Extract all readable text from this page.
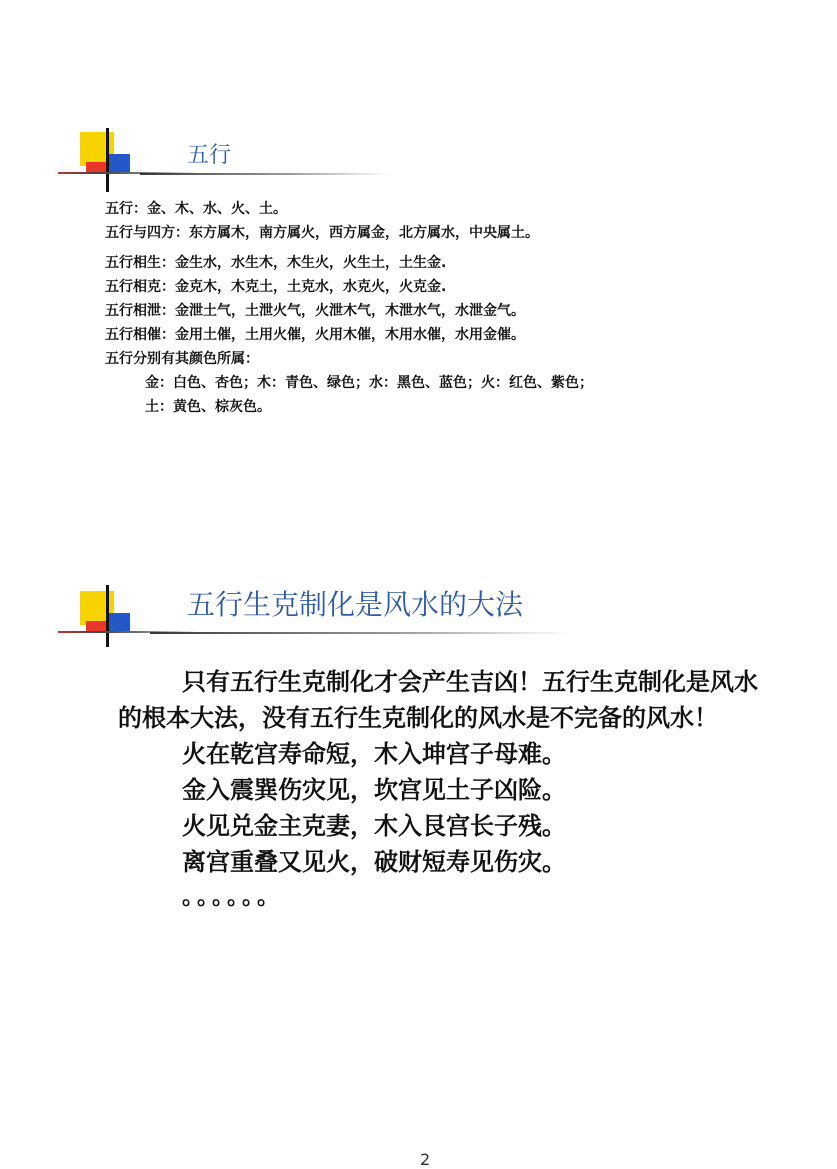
五行
五行：金、木、水、火、土。
五行与四方：东方属木，南方属火，西方属金，北方属水，中央属土。
五行相生：金生水，水生木，木生火，火生土，土生金.
五行相克：金克木，木克土，土克水，水克火，火克金.
五行相泄：金泄土气，土泄火气，火泄木气，木泄水气，水泄金气。
五行相催：金用土催，土用火催，火用木催，木用水催，水用金催。
五行分别有其颜色所属：
金：白色、杏色；木：青色、绿色；水：黑色、蓝色；火：红色、紫色；
土：黄色、棕灰色。
五行生克制化是风水的大法

只有五行生克制化才会产生吉凶！五行生克制化是风水的根本大法，没有五行生克制化的风水是不完备的风水！

火在乾宫寿命短，木入坤宫子母难。
金入震巽伤灾见，坎宫见土子凶险。
火见兑金主克妻，木入艮宫长子残。
离宫重叠又见火，破财短寿见伤灾。
。。。。。。
2
